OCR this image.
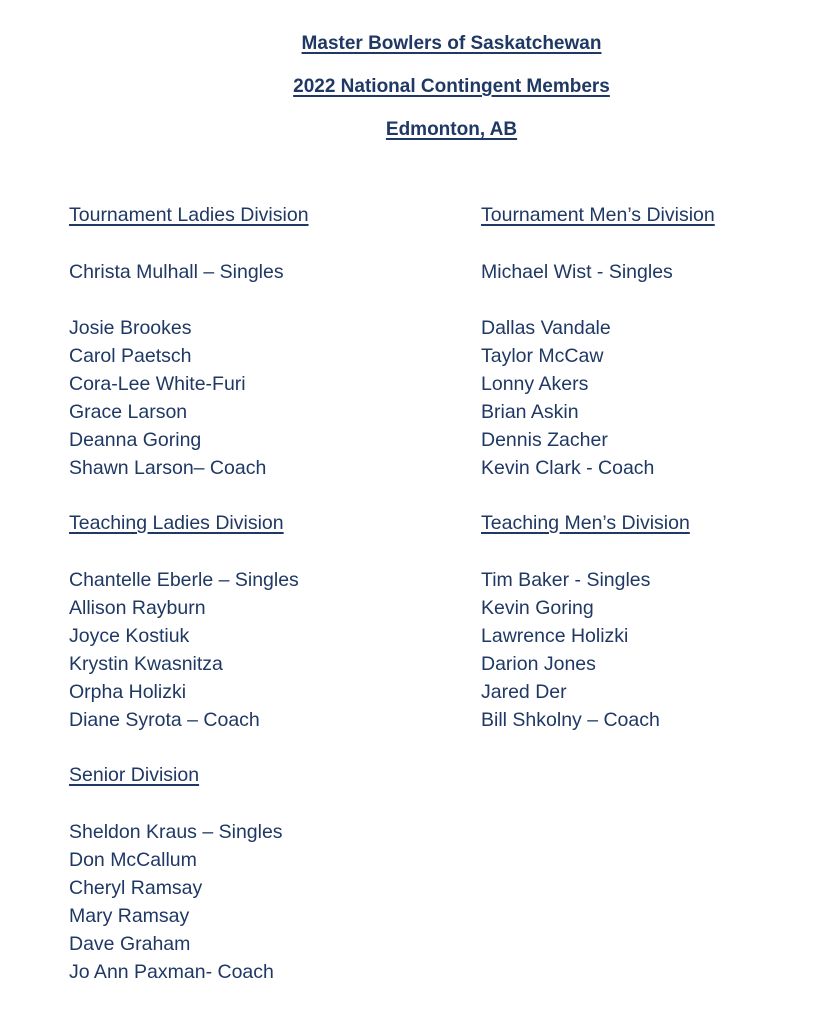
Master Bowlers of Saskatchewan
2022 National Contingent Members
Edmonton, AB
Tournament Ladies Division
Christa Mulhall – Singles
Josie Brookes
Carol Paetsch
Cora-Lee White-Furi
Grace Larson
Deanna Goring
Shawn Larson– Coach
Teaching Ladies Division
Chantelle Eberle – Singles
Allison Rayburn
Joyce Kostiuk
Krystin Kwasnitza
Orpha Holizki
Diane Syrota – Coach
Senior Division
Sheldon Kraus – Singles
Don McCallum
Cheryl Ramsay
Mary Ramsay
Dave Graham
Jo Ann Paxman- Coach
Tournament Men’s Division
Michael Wist - Singles
Dallas Vandale
Taylor McCaw
Lonny Akers
Brian Askin
Dennis Zacher
Kevin Clark - Coach
Teaching Men’s Division
Tim Baker - Singles
Kevin Goring
Lawrence Holizki
Darion Jones
Jared Der
Bill Shkolny – Coach
